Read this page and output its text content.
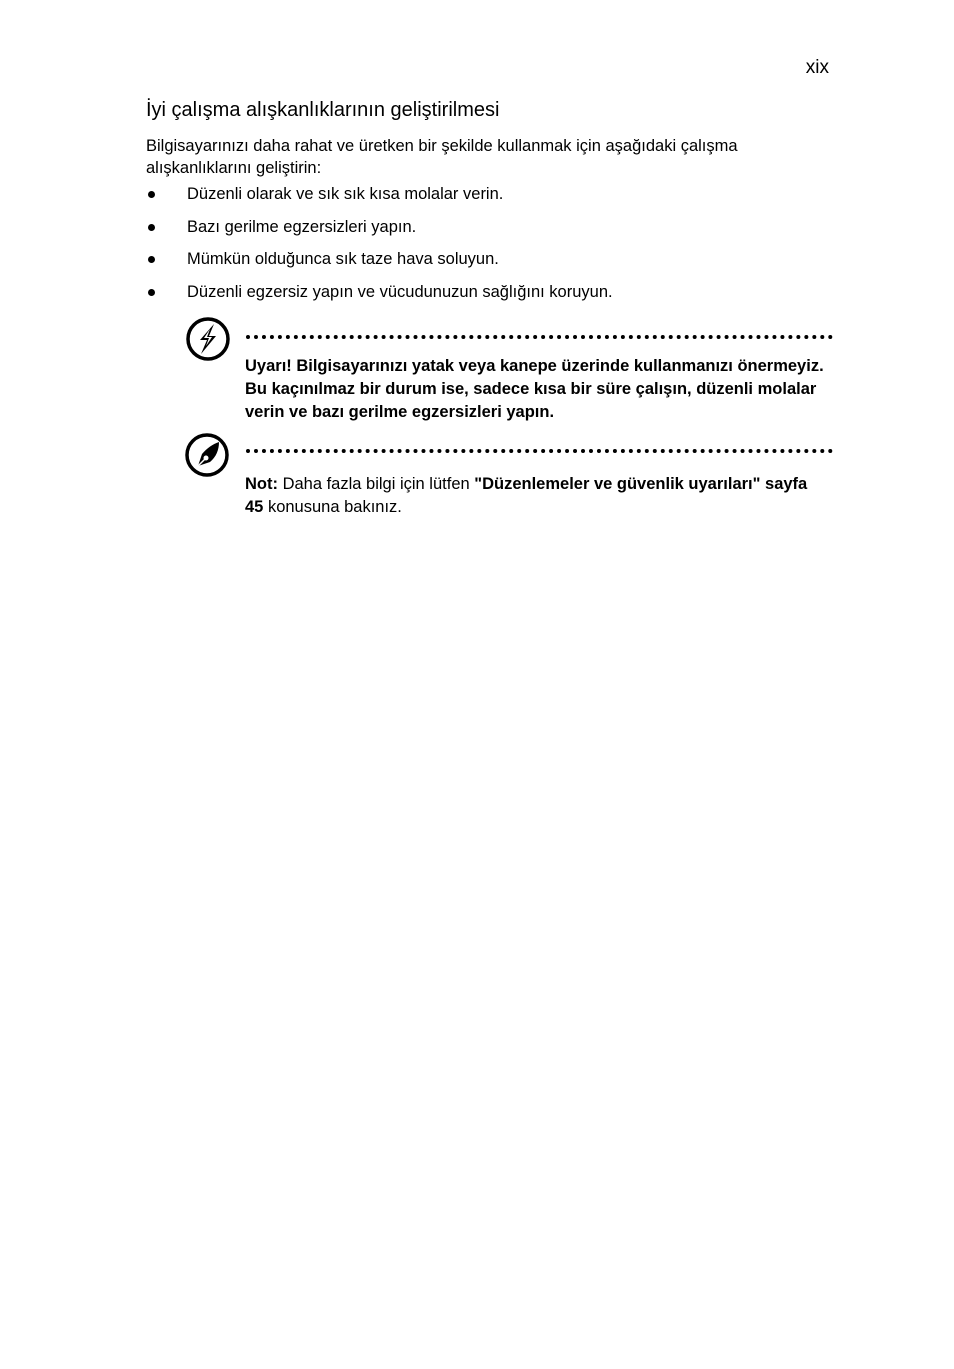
xix
İyi çalışma alışkanlıklarının geliştirilmesi

Bilgisayarınızı daha rahat ve üretken bir şekilde kullanmak için aşağıdaki çalışma alışkanlıklarını geliştirin:

Düzenli olarak ve sık sık kısa molalar verin.
Bazı gerilme egzersizleri yapın.
Mümkün olduğunca sık taze hava soluyun.
Düzenli egzersiz yapın ve vücudunuzun sağlığını koruyun.
Uyarı! Bilgisayarınızı yatak veya kanepe üzerinde kullanmanızı önermeyiz. Bu kaçınılmaz bir durum ise, sadece kısa bir süre çalışın, düzenli molalar verin ve bazı gerilme egzersizleri yapın.
Not: Daha fazla bilgi için lütfen "Düzenlemeler ve güvenlik uyarıları" sayfa 45 konusuna bakınız.
